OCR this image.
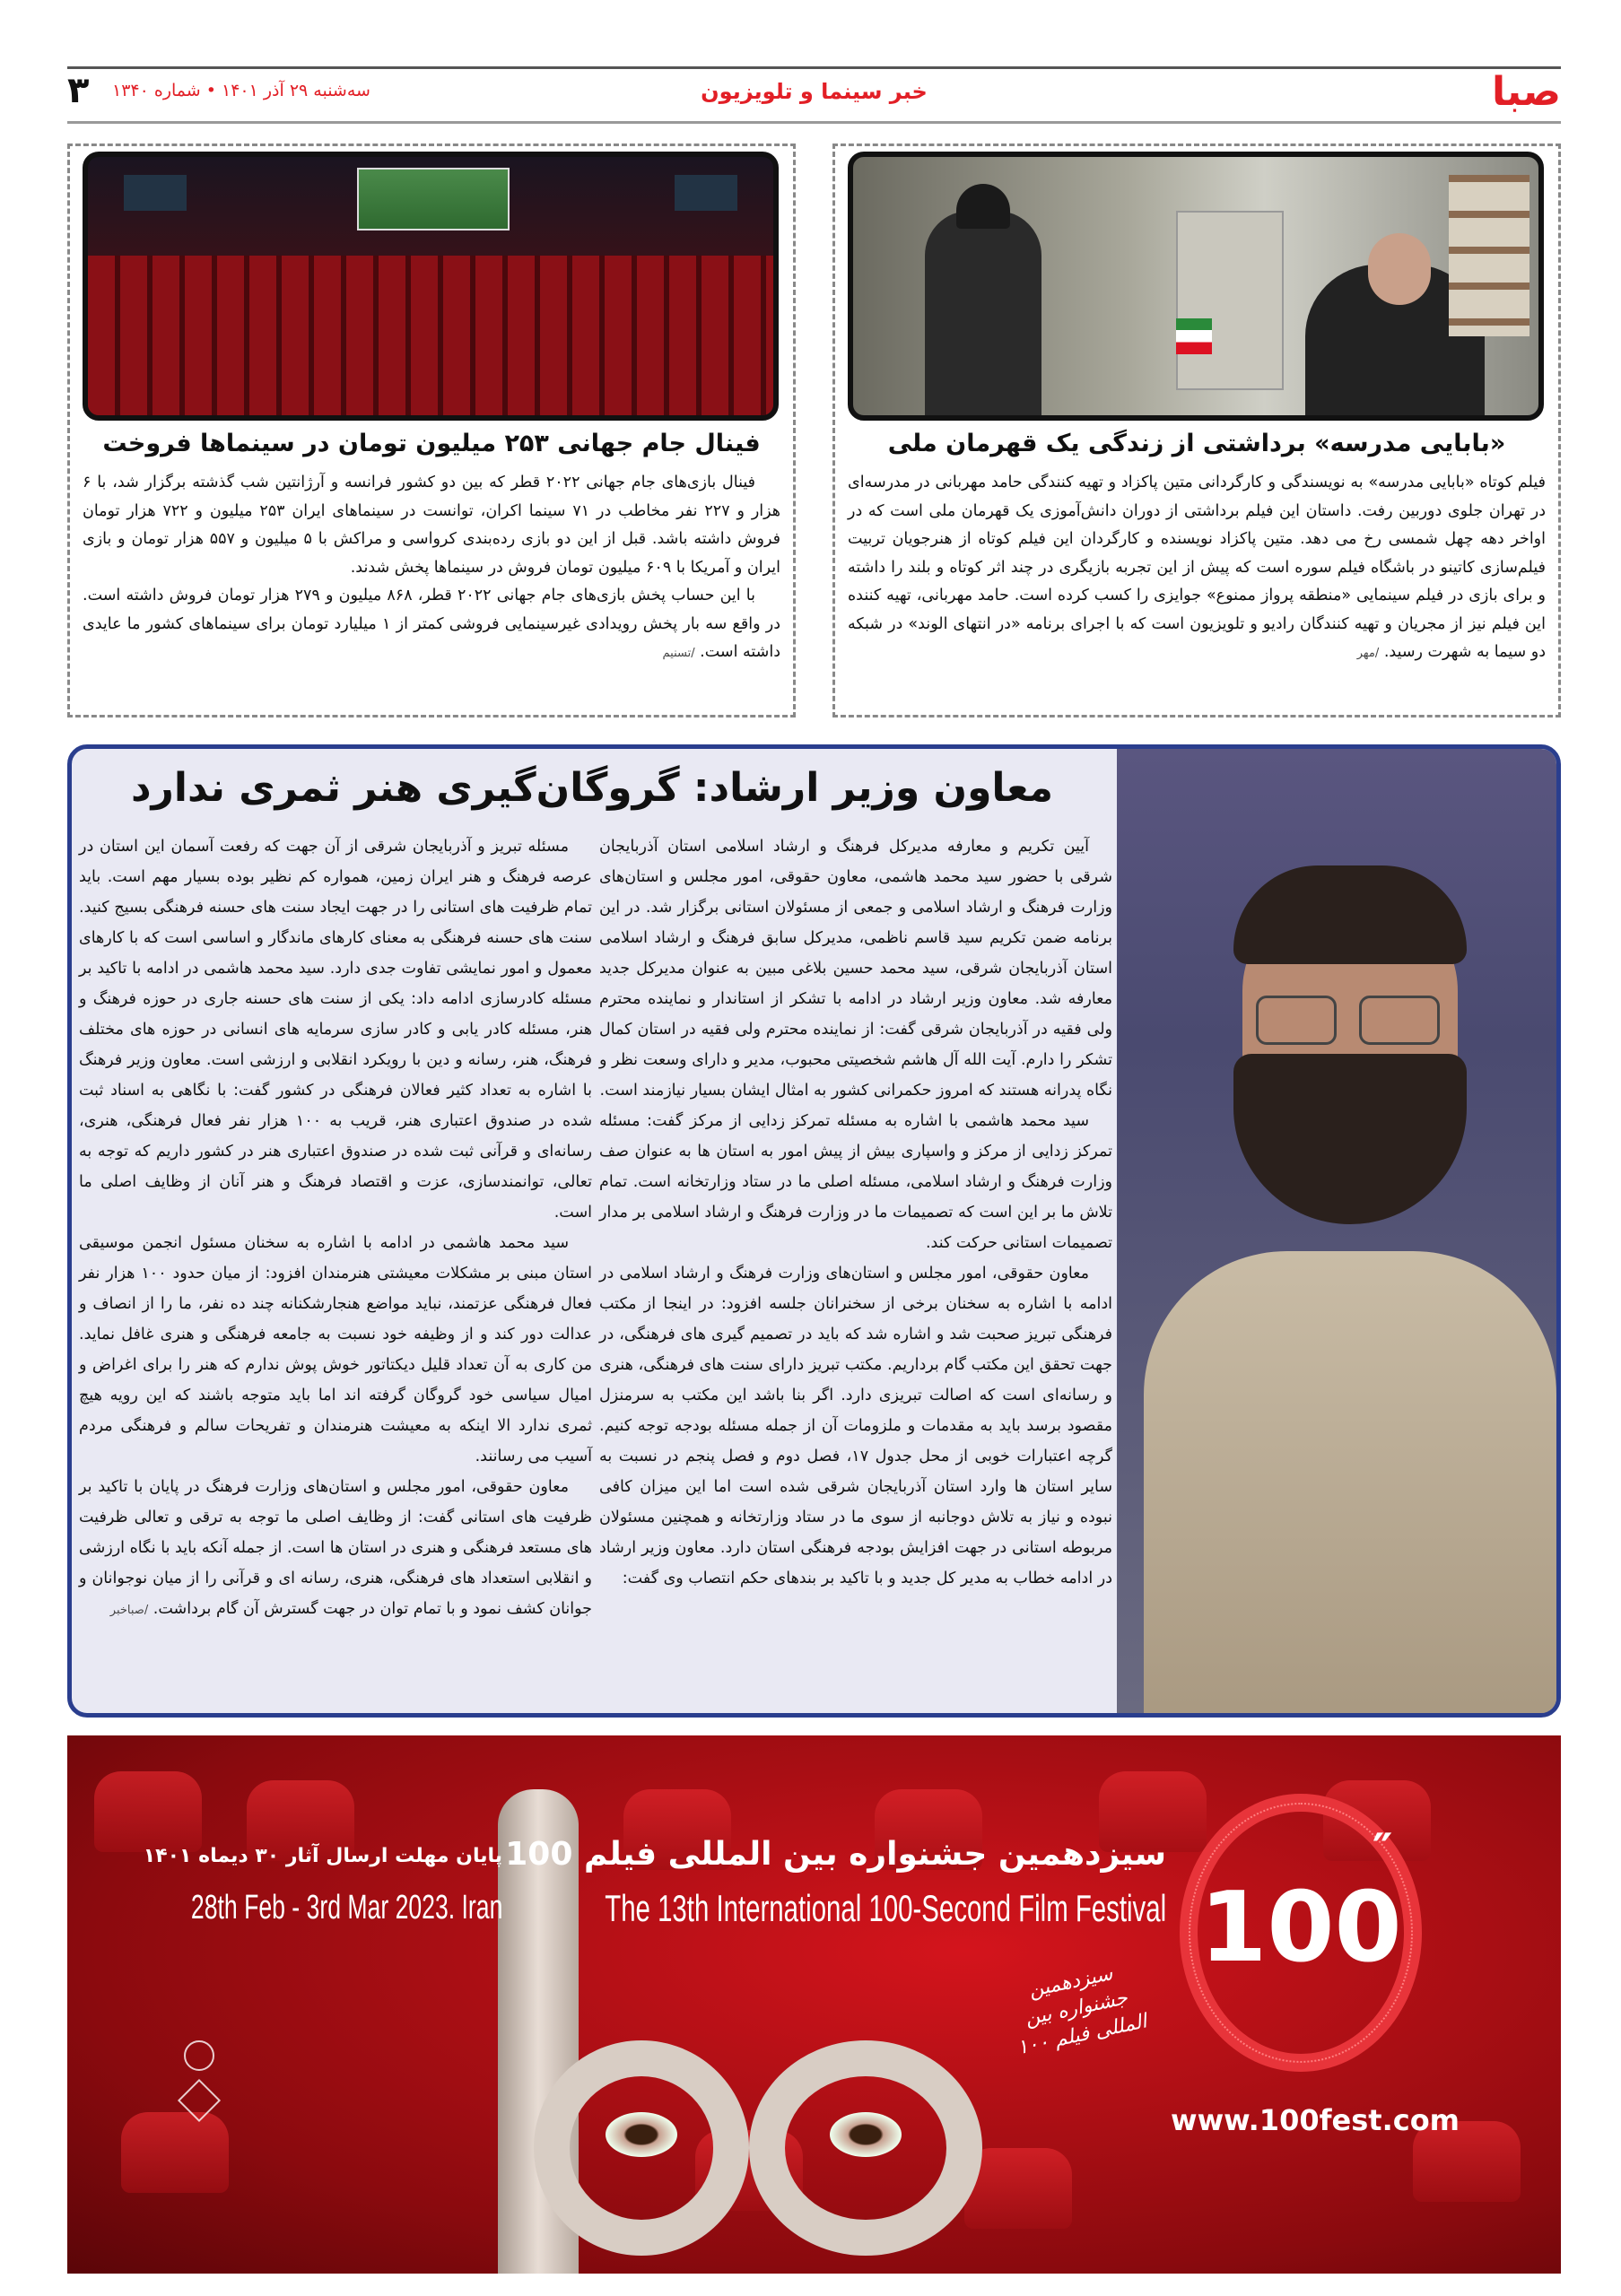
صبا
خبر سینما و تلویزیون
سه‌شنبه ۲۹ آذر ۱۴۰۱ • شماره ۱۳۴۰
۳
«بابایی مدرسه» برداشتی از زندگی یک قهرمان ملی
فیلم کوتاه «بابایی مدرسه» به نویسندگی و کارگردانی متین پاکزاد و تهیه کنندگی حامد مهربانی در مدرسه‌ای در تهران جلوی دوربین رفت. داستان این فیلم برداشتی از دوران دانش‌آموزی یک قهرمان ملی است که در اواخر دهه چهل شمسی رخ می دهد. متین پاکزاد نویسنده و کارگردان این فیلم کوتاه از هنرجویان تربیت فیلم‌سازی کاتینو در باشگاه فیلم سوره است که پیش از این تجربه بازیگری در چند اثر کوتاه و بلند را داشته و برای بازی در فیلم سینمایی «منطقه پرواز ممنوع» جوایزی را کسب کرده است. حامد مهربانی، تهیه کننده این فیلم نیز از مجریان و تهیه کنندگان رادیو و تلویزیون است که با اجرای برنامه «در انتهای الوند» در شبکه دو سیما به شهرت رسید. /مهر
فینال جام جهانی ۲۵۳ میلیون تومان در سینماها فروخت
فینال بازی‌های جام جهانی ۲۰۲۲ قطر که بین دو کشور فرانسه و آرژانتین شب گذشته برگزار شد، با ۶ هزار و ۲۲۷ نفر مخاطب در ۷۱ سینما اکران، توانست در سینماهای ایران ۲۵۳ میلیون و ۷۲۲ هزار تومان فروش داشته باشد. قبل از این دو بازی رده‌بندی کرواسی و مراکش با ۵ میلیون و ۵۵۷ هزار تومان و بازی ایران و آمریکا با ۶۰۹ میلیون تومان فروش در سینماها پخش شدند.
با این حساب پخش بازی‌های جام جهانی ۲۰۲۲ قطر، ۸۶۸ میلیون و ۲۷۹ هزار تومان فروش داشته است. در واقع سه بار پخش رویدادی غیرسینمایی فروشی کمتر از ۱ میلیارد تومان برای سینماهای کشور ما عایدی داشته است. /تسنیم
معاون وزیر ارشاد: گروگان‌گیری هنر ثمری ندارد

آیین تکریم و معارفه مدیرکل فرهنگ و ارشاد اسلامی استان آذربایجان شرقی با حضور سید محمد هاشمی، معاون حقوقی، امور مجلس و استان‌های وزارت فرهنگ و ارشاد اسلامی و جمعی از مسئولان استانی برگزار شد. در این برنامه ضمن تکریم سید قاسم ناظمی، مدیرکل سابق فرهنگ و ارشاد اسلامی استان آذربایجان شرقی، سید محمد حسین بلاغی مبین به عنوان مدیرکل جدید معارفه شد. معاون وزیر ارشاد در ادامه با تشکر از استاندار و نماینده محترم ولی فقیه در آذربایجان شرقی گفت: از نماینده محترم ولی فقیه در استان کمال تشکر را دارم. آیت الله آل هاشم شخصیتی محبوب، مدیر و دارای وسعت نظر و نگاه پدرانه هستند که امروز حکمرانی کشور به امثال ایشان بسیار نیازمند است.

سید محمد هاشمی با اشاره به مسئله تمرکز زدایی از مرکز گفت: مسئله تمرکز زدایی از مرکز و واسپاری بیش از پیش امور به استان ها به عنوان صف وزارت فرهنگ و ارشاد اسلامی، مسئله اصلی ما در ستاد وزارتخانه است. تمام تلاش ما بر این است که تصمیمات ما در وزارت فرهنگ و ارشاد اسلامی بر مدار تصمیمات استانی حرکت کند.

معاون حقوقی، امور مجلس و استان‌های وزارت فرهنگ و ارشاد اسلامی در ادامه با اشاره به سخنان برخی از سخنرانان جلسه افزود: در اینجا از مکتب فرهنگی تبریز صحبت شد و اشاره شد که باید در تصمیم گیری های فرهنگی، در جهت تحقق این مکتب گام برداریم. مکتب تبریز دارای سنت های فرهنگی، هنری و رسانه‌ای است که اصالت تبریزی دارد. اگر بنا باشد این مکتب به سرمنزل مقصود برسد باید به مقدمات و ملزومات آن از جمله مسئله بودجه توجه کنیم. گرچه اعتبارات خوبی از محل جدول ۱۷، فصل دوم و فصل پنجم در نسبت به سایر استان ها وارد استان آذربایجان شرقی شده است اما این میزان کافی نبوده و نیاز به تلاش دوجانبه از سوی ما در ستاد وزارتخانه و همچنین مسئولان مربوطه استانی در جهت افزایش بودجه فرهنگی استان دارد. معاون وزیر ارشاد در ادامه خطاب به مدیر کل جدید و با تاکید بر بندهای حکم انتصاب وی گفت:

مسئله تبریز و آذربایجان شرقی از آن جهت که رفعت آسمان این استان در عرصه فرهنگ و هنر ایران زمین، همواره کم نظیر بوده بسیار مهم است. باید تمام ظرفیت های استانی را در جهت ایجاد سنت های حسنه فرهنگی بسیج کنید. سنت های حسنه فرهنگی به معنای کارهای ماندگار و اساسی است که با کارهای معمول و امور نمایشی تفاوت جدی دارد. سید محمد هاشمی در ادامه با تاکید بر مسئله کادرسازی ادامه داد: یکی از سنت های حسنه جاری در حوزه فرهنگ و هنر، مسئله کادر یابی و کادر سازی سرمایه های انسانی در حوزه های مختلف فرهنگ، هنر، رسانه و دین با رویکرد انقلابی و ارزشی است. معاون وزیر فرهنگ با اشاره به تعداد کثیر فعالان فرهنگی در کشور گفت: با نگاهی به اسناد ثبت شده در صندوق اعتباری هنر، قریب به ۱۰۰ هزار نفر فعال فرهنگی، هنری، رسانه‌ای و قرآنی ثبت شده در صندوق اعتباری هنر در کشور داریم که توجه به تعالی، توانمندسازی، عزت و اقتصاد فرهنگ و هنر آنان از وظایف اصلی ما است.

سید محمد هاشمی در ادامه با اشاره به سخنان مسئول انجمن موسیقی استان مبنی بر مشکلات معیشتی هنرمندان افزود: از میان حدود ۱۰۰ هزار نفر فعال فرهنگی عزتمند، نباید مواضع هنجارشکنانه چند ده نفر، ما را از انصاف و عدالت دور کند و از وظیفه خود نسبت به جامعه فرهنگی و هنری غافل نماید. من کاری به آن تعداد قلیل دیکتاتور خوش پوش ندارم که هنر را برای اغراض و امیال سیاسی خود گروگان گرفته اند اما باید متوجه باشند که این رویه هیچ ثمری ندارد الا اینکه به معیشت هنرمندان و تفریحات سالم و فرهنگی مردم آسیب می رسانند.

معاون حقوقی، امور مجلس و استان‌های وزارت فرهنگ در پایان با تاکید بر ظرفیت های استانی گفت: از وظایف اصلی ما توجه به ترقی و تعالی ظرفیت های مستعد فرهنگی و هنری در استان ها است. از جمله آنکه باید با نگاه ارزشی و انقلابی استعداد های فرهنگی، هنری، رسانه ای و قرآنی را از میان نوجوانان و جوانان کشف نمود و با تمام توان در جهت گسترش آن گام برداشت. /صباخبر

سیزدهمین جشنواره بین المللی فیلم 100
The 13th International 100-Second Film Festival
پایان مهلت ارسال آثار ۳۰ دیماه ۱۴۰۱
28th Feb - 3rd Mar 2023. Iran
سیزدهمین جشنواره بین المللی فیلم ۱۰۰
100
″
www.100fest.com
